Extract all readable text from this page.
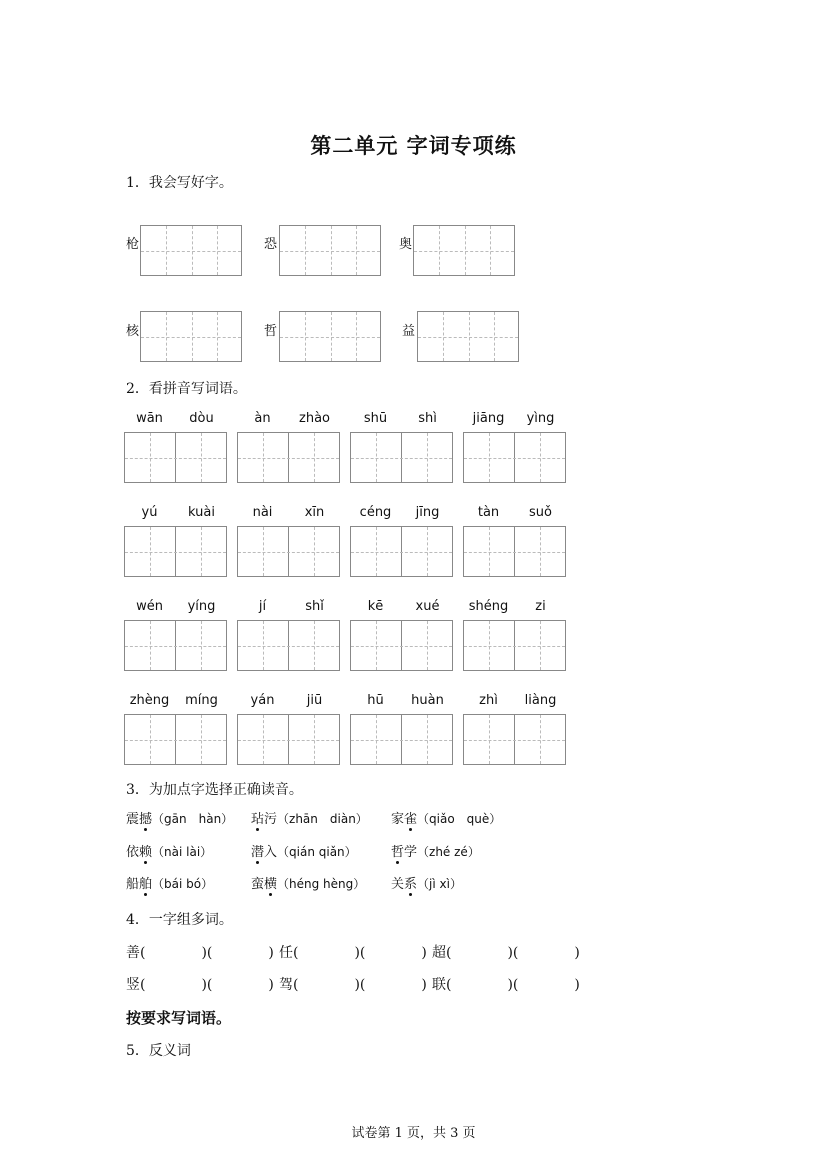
第二单元 字词专项练
1．我会写好字。
枪	恐	奥
核	哲	益
2．看拼音写词语。
wān	dòu	àn	zhào	shū	shì	jiāng	yìng
yú	kuài	nài	xīn	céng	jīng	tàn	suǒ
wén	yíng	jí	shǐ	kē	xué	shéng	zi
zhèng	míng	yán	jiū	hū	huàn	zhì	liàng
3．为加点字选择正确读音。
震撼（gān　hàn） 玷污（zhān　diàn） 家雀（qiǎo　què）
依赖（nài lài）	潜入（qián qiǎn）	哲学（zhé zé）
船舶（bái bó）	蛮横（héng hèng） 关系（jì xì）
4．一字组多词。
善(　　　　)(　　　　) 任(　　　　)(　　　　) 超(　　　　)(　　　　)
竖(　　　　)(　　　　) 驾(　　　　)(　　　　) 联(　　　　)(　　　　)
按要求写词语。
5．反义词
试卷第 1 页，共 3 页
